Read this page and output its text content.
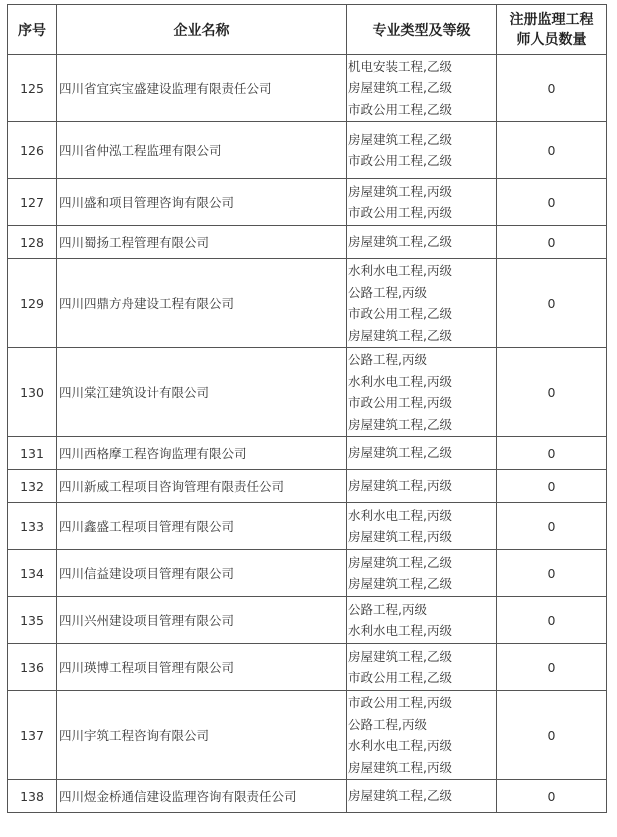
序号	企业名称	专业类型及等级	注册监理工程师人员数量
125	四川省宜宾宝盛建设监理有限责任公司	机电安装工程,乙级
房屋建筑工程,乙级
市政公用工程,乙级	0
126	四川省仲泓工程监理有限公司	房屋建筑工程,乙级
市政公用工程,乙级	0
127	四川盛和项目管理咨询有限公司	房屋建筑工程,丙级
市政公用工程,丙级	0
128	四川蜀扬工程管理有限公司	房屋建筑工程,乙级	0
129	四川四鼎方舟建设工程有限公司	水利水电工程,丙级
公路工程,丙级
市政公用工程,乙级
房屋建筑工程,乙级	0
130	四川棠江建筑设计有限公司	公路工程,丙级
水利水电工程,丙级
市政公用工程,丙级
房屋建筑工程,乙级	0
131	四川西格摩工程咨询监理有限公司	房屋建筑工程,乙级	0
132	四川新威工程项目咨询管理有限责任公司	房屋建筑工程,丙级	0
133	四川鑫盛工程项目管理有限公司	水利水电工程,丙级
房屋建筑工程,丙级	0
134	四川信益建设项目管理有限公司	房屋建筑工程,乙级
房屋建筑工程,乙级	0
135	四川兴州建设项目管理有限公司	公路工程,丙级
水利水电工程,丙级	0
136	四川瑛博工程项目管理有限公司	房屋建筑工程,乙级
市政公用工程,乙级	0
137	四川宇筑工程咨询有限公司	市政公用工程,丙级
公路工程,丙级
水利水电工程,丙级
房屋建筑工程,丙级	0
138	四川煜金桥通信建设监理咨询有限责任公司	房屋建筑工程,乙级	0
